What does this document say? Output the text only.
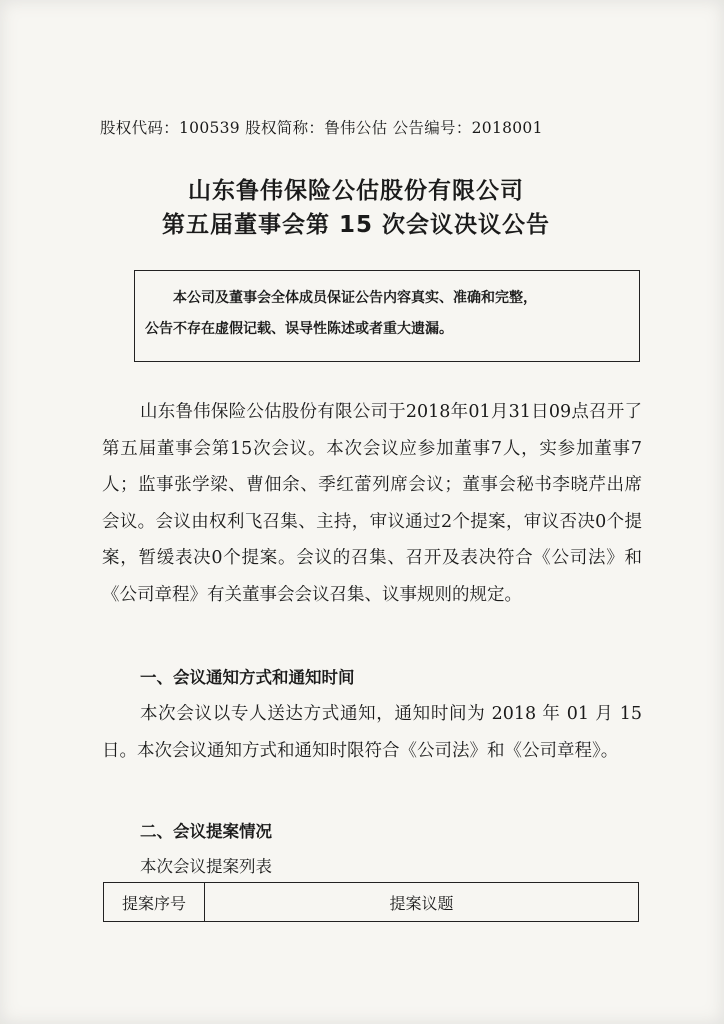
股权代码：100539 股权简称：鲁伟公估 公告编号：2018001
山东鲁伟保险公估股份有限公司
第五届董事会第 15 次会议决议公告

本公司及董事会全体成员保证公告内容真实、准确和完整，

公告不存在虚假记载、误导性陈述或者重大遗漏。

山东鲁伟保险公估股份有限公司于2018年01月31日09点召开了第五届董事会第15次会议。本次会议应参加董事7人，实参加董事7人；监事张学梁、曹佃余、季红蕾列席会议；董事会秘书李晓芹出席会议。会议由权利飞召集、主持，审议通过2个提案，审议否决0个提案，暂缓表决0个提案。会议的召集、召开及表决符合《公司法》和《公司章程》有关董事会会议召集、议事规则的规定。

一、会议通知方式和通知时间

本次会议以专人送达方式通知，通知时间为 2018 年 01 月 15 日。本次会议通知方式和通知时限符合《公司法》和《公司章程》。

二、会议提案情况
本次会议提案列表
提案序号	提案议题
